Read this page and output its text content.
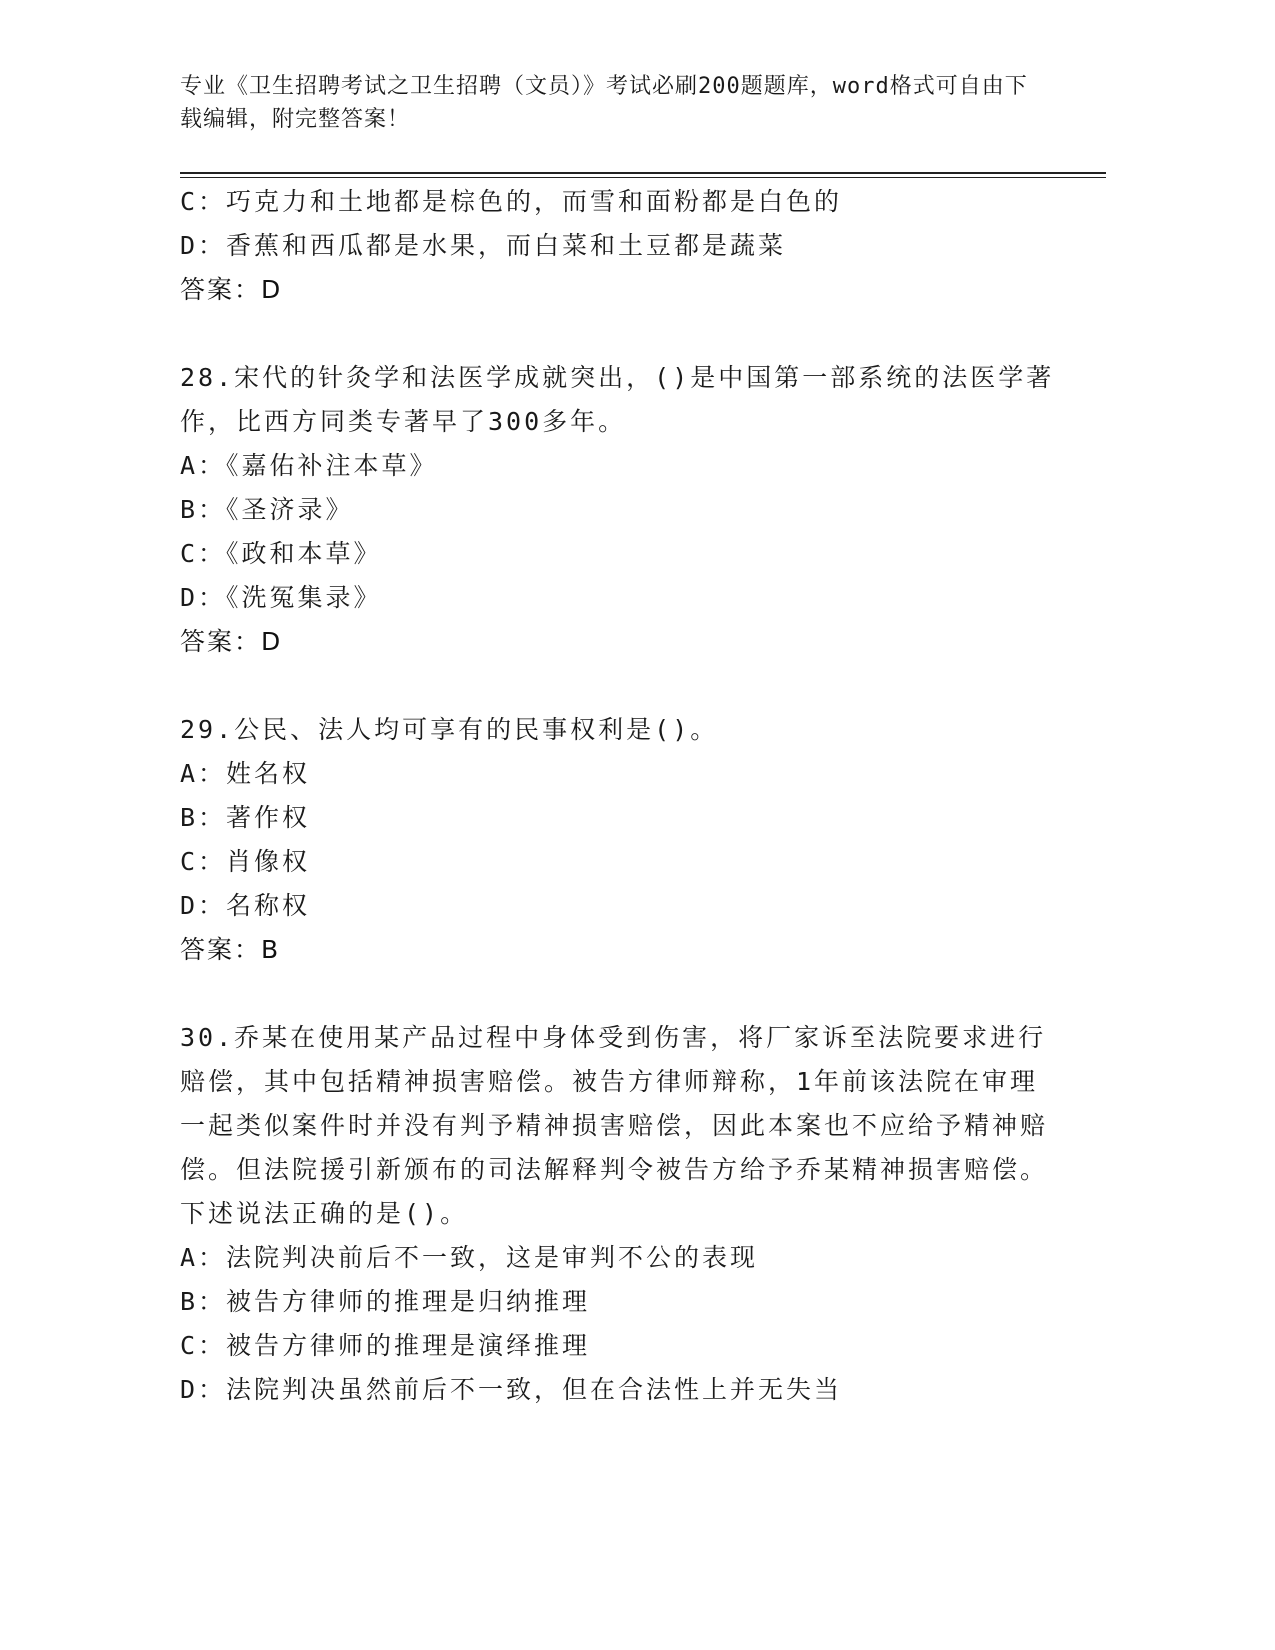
专业《卫生招聘考试之卫生招聘（文员）》考试必刷200题题库，word格式可自由下载编辑，附完整答案！
C：巧克力和土地都是棕色的，而雪和面粉都是白色的
D：香蕉和西瓜都是水果，而白菜和土豆都是蔬菜
答案：D
28.宋代的针灸学和法医学成就突出，()是中国第一部系统的法医学著作，比西方同类专著早了300多年。
A：《嘉佑补注本草》
B：《圣济录》
C：《政和本草》
D：《洗冤集录》
答案：D
29.公民、法人均可享有的民事权利是()。
A：姓名权
B：著作权
C：肖像权
D：名称权
答案：B
30.乔某在使用某产品过程中身体受到伤害，将厂家诉至法院要求进行赔偿，其中包括精神损害赔偿。被告方律师辩称，1年前该法院在审理一起类似案件时并没有判予精神损害赔偿，因此本案也不应给予精神赔偿。但法院援引新颁布的司法解释判令被告方给予乔某精神损害赔偿。下述说法正确的是()。
A：法院判决前后不一致，这是审判不公的表现
B：被告方律师的推理是归纳推理
C：被告方律师的推理是演绎推理
D：法院判决虽然前后不一致，但在合法性上并无失当
